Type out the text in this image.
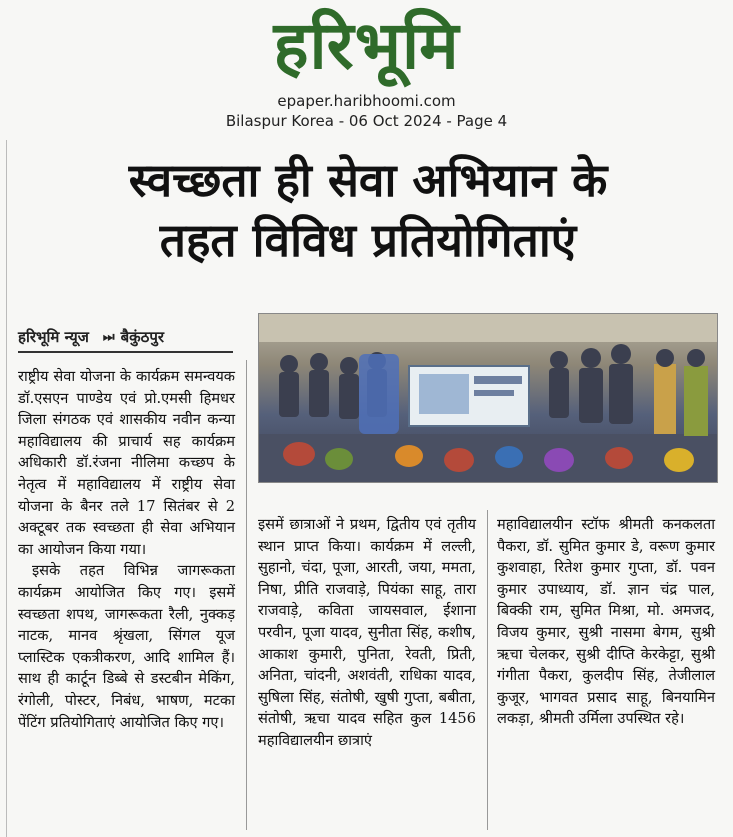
हरिभूमि
epaper.haribhoomi.com
Bilaspur Korea - 06 Oct 2024 - Page 4
स्वच्छता ही सेवा अभियान के
तहत विविध प्रतियोगिताएं
हरिभूमि न्यूज ⏭ बैकुंठपुर

राष्ट्रीय सेवा योजना के कार्यक्रम समन्वयक डॉ.एसएन पाण्डेय एवं प्रो.एमसी हिमधर जिला संगठक एवं शासकीय नवीन कन्या महाविद्यालय की प्राचार्य सह कार्यक्रम अधिकारी डॉ.रंजना नीलिमा कच्छप के नेतृत्व में महाविद्यालय में राष्ट्रीय सेवा योजना के बैनर तले 17 सितंबर से 2 अक्टूबर तक स्वच्छता ही सेवा अभियान का आयोजन किया गया।

इसके तहत विभिन्न जागरूकता कार्यक्रम आयोजित किए गए। इसमें स्वच्छता शपथ, जागरूकता रैली, नुक्कड़ नाटक, मानव श्रृंखला, सिंगल यूज प्लास्टिक एकत्रीकरण, आदि शामिल हैं। साथ ही कार्टून डिब्बे से डस्टबीन मेकिंग, रंगोली, पोस्टर, निबंध, भाषण, मटका पेंटिंग प्रतियोगिताएं आयोजित किए गए।

इसमें छात्राओं ने प्रथम, द्वितीय एवं तृतीय स्थान प्राप्त किया। कार्यक्रम में लल्ली, सुहानो, चंदा, पूजा, आरती, जया, ममता, निषा, प्रीति राजवाड़े, पियंका साहू, तारा राजवाड़े, कविता जायसवाल, ईशाना परवीन, पूजा यादव, सुनीता सिंह, कशीष, आकाश कुमारी, पुनिता, रेवती, प्रिती, अनिता, चांदनी, अशवंती, राधिका यादव, सुषिला सिंह, संतोषी, खुषी गुप्ता, बबीता, संतोषी, ऋचा यादव सहित कुल 1456 महाविद्यालयीन छात्राएं

महाविद्यालयीन स्टॉफ श्रीमती कनकलता पैकरा, डॉ. सुमित कुमार डे, वरूण कुमार कुशवाहा, रितेश कुमार गुप्ता, डॉ. पवन कुमार उपाध्याय, डॉ. ज्ञान चंद्र पाल, बिक्की राम, सुमित मिश्रा, मो. अमजद, विजय कुमार, सुश्री नासमा बेगम, सुश्री ऋचा चेलकर, सुश्री दीप्ति केरकेट्टा, सुश्री गंगीता पैकरा, कुलदीप सिंह, तेजीलाल कुजूर, भागवत प्रसाद साहू, बिनयामिन लकड़ा, श्रीमती उर्मिला उपस्थित रहे।
